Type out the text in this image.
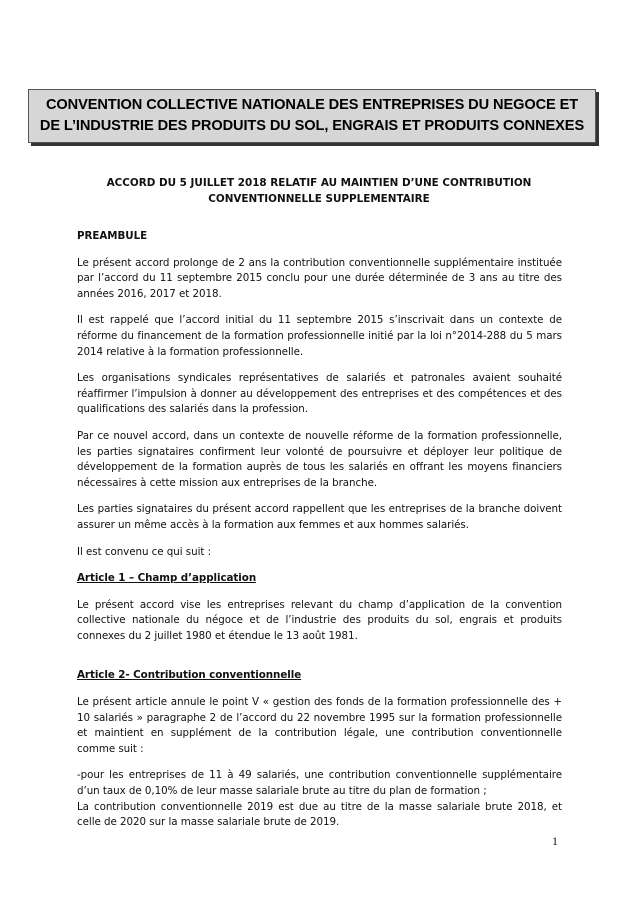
CONVENTION COLLECTIVE NATIONALE DES ENTREPRISES DU NEGOCE ET
DE L’INDUSTRIE DES PRODUITS DU SOL, ENGRAIS ET PRODUITS CONNEXES
ACCORD DU 5 JUILLET 2018 RELATIF AU MAINTIEN D’UNE CONTRIBUTION
CONVENTIONNELLE SUPPLEMENTAIRE
PREAMBULE

Le présent accord prolonge de 2 ans la contribution conventionnelle supplémentaire instituée par l’accord du 11 septembre 2015 conclu pour une durée déterminée de 3 ans au titre des années 2016, 2017 et 2018.

Il est rappelé que l’accord initial du 11 septembre 2015 s’inscrivait dans un contexte de réforme du financement de la formation professionnelle initié par la loi n°2014-288 du 5 mars 2014 relative à la formation professionnelle.

Les organisations syndicales représentatives de salariés et patronales avaient souhaité réaffirmer l’impulsion à donner au développement des entreprises et des compétences et des qualifications des salariés dans la profession.

Par ce nouvel accord, dans un contexte de nouvelle réforme de la formation professionnelle, les parties signataires confirment leur volonté de poursuivre et déployer leur politique de développement de la formation auprès de tous les salariés en offrant les moyens financiers nécessaires à cette mission aux entreprises de la branche.

Les parties signataires du présent accord rappellent que les entreprises de la branche doivent assurer un même accès à la formation aux femmes et aux hommes salariés.

Il est convenu ce qui suit :

Article 1 – Champ d’application

Le présent accord vise les entreprises relevant du champ d’application de la convention collective nationale du négoce et de l’industrie des produits du sol, engrais et produits connexes du 2 juillet 1980 et étendue le 13 août 1981.

Article 2- Contribution conventionnelle

Le présent article annule le point V « gestion des fonds de la formation professionnelle des + 10 salariés » paragraphe 2 de l’accord du 22 novembre 1995 sur la formation professionnelle et maintient en supplément de la contribution légale, une contribution conventionnelle comme suit :

-pour les entreprises de 11 à 49 salariés, une contribution conventionnelle supplémentaire d’un taux de 0,10% de leur masse salariale brute au titre du plan de formation ;

La contribution conventionnelle 2019 est due au titre de la masse salariale brute 2018, et celle de 2020 sur la masse salariale brute de 2019.

1
